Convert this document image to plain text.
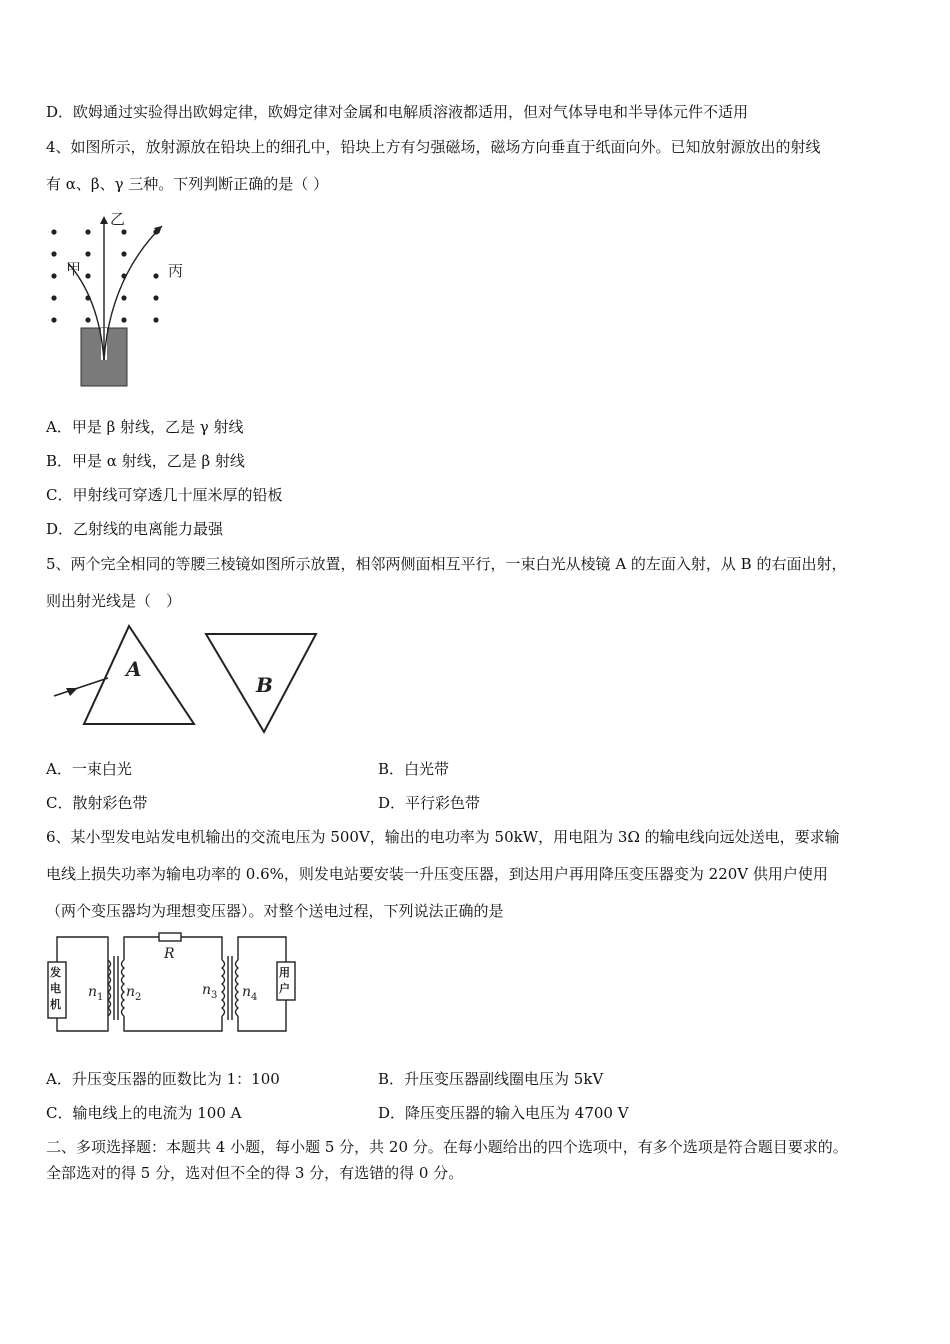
D．欧姆通过实验得出欧姆定律，欧姆定律对金属和电解质溶液都适用，但对气体导电和半导体元件不适用
4、如图所示，放射源放在铅块上的细孔中，铅块上方有匀强磁场，磁场方向垂直于纸面向外。已知放射源放出的射线
有 α、β、γ 三种。下列判断正确的是（ ）
甲
乙
丙
A．甲是 β 射线，乙是 γ 射线
B．甲是 α 射线，乙是 β 射线
C．甲射线可穿透几十厘米厚的铅板
D．乙射线的电离能力最强
5、两个完全相同的等腰三棱镜如图所示放置，相邻两侧面相互平行，一束白光从棱镜 A 的左面入射，从 B 的右面出射，
则出射光线是（　）
A
B
A．一束白光	B．白光带
C．散射彩色带	D．平行彩色带
6、某小型发电站发电机输出的交流电压为 500V，输出的电功率为 50kW，用电阻为 3Ω 的输电线向远处送电，要求输
电线上损失功率为输电功率的 0.6%，则发电站要安装一升压变压器，到达用户再用降压变压器变为 220V 供用户使用
（两个变压器均为理想变压器）。对整个送电过程，下列说法正确的是
发
电
机
用
户
R
n 1 n 2	n 3 n 4
A．升压变压器的匝数比为 1：100	B．升压变压器副线圈电压为 5kV
C．输电线上的电流为 100 A	D．降压变压器的输入电压为 4700 V
二、多项选择题：本题共 4 小题，每小题 5 分，共 20 分。在每小题给出的四个选项中，有多个选项是符合题目要求的。
全部选对的得 5 分，选对但不全的得 3 分，有选错的得 0 分。
